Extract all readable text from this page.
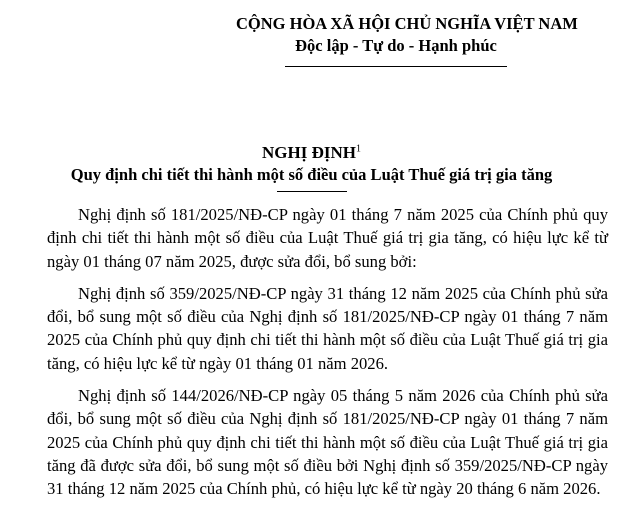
CỘNG HÒA XÃ HỘI CHỦ NGHĨA VIỆT NAM
Độc lập - Tự do - Hạnh phúc
NGHỊ ĐỊNH$^1$
Quy định chi tiết thi hành một số điều của Luật Thuế giá trị gia tăng

Nghị định số 181/2025/NĐ-CP ngày 01 tháng 7 năm 2025 của Chính phủ quy định chi tiết thi hành một số điều của Luật Thuế giá trị gia tăng, có hiệu lực kể từ ngày 01 tháng 07 năm 2025, được sửa đổi, bổ sung bởi:

Nghị định số 359/2025/NĐ-CP ngày 31 tháng 12 năm 2025 của Chính phủ sửa đổi, bổ sung một số điều của Nghị định số 181/2025/NĐ-CP ngày 01 tháng 7 năm 2025 của Chính phủ quy định chi tiết thi hành một số điều của Luật Thuế giá trị gia tăng, có hiệu lực kể từ ngày 01 tháng 01 năm 2026.

Nghị định số 144/2026/NĐ-CP ngày 05 tháng 5 năm 2026 của Chính phủ sửa đổi, bổ sung một số điều của Nghị định số 181/2025/NĐ-CP ngày 01 tháng 7 năm 2025 của Chính phủ quy định chi tiết thi hành một số điều của Luật Thuế giá trị gia tăng đã được sửa đổi, bổ sung một số điều bởi Nghị định số 359/2025/NĐ-CP ngày 31 tháng 12 năm 2025 của Chính phủ, có hiệu lực kể từ ngày 20 tháng 6 năm 2026.
